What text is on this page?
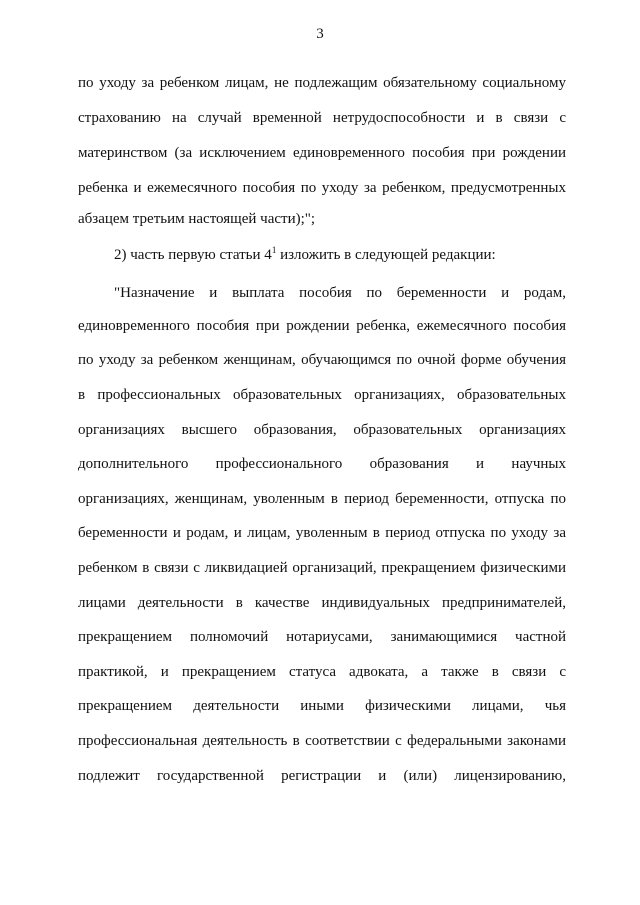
3
по уходу за ребенком лицам, не подлежащим обязательному социальному
страхованию на случай временной нетрудоспособности и в связи с
материнством (за исключением единовременного пособия при рождении
ребенка и ежемесячного пособия по уходу за ребенком, предусмотренных
абзацем третьим настоящей части);";
2) часть первую статьи $4^1$ изложить в следующей редакции:
"Назначение и выплата пособия по беременности и родам,
единовременного пособия при рождении ребенка, ежемесячного пособия
по уходу за ребенком женщинам, обучающимся по очной форме обучения
в профессиональных образовательных организациях, образовательных
организациях высшего образования, образовательных организациях
дополнительного профессионального образования и научных
организациях, женщинам, уволенным в период беременности, отпуска по
беременности и родам, и лицам, уволенным в период отпуска по уходу за
ребенком в связи с ликвидацией организаций, прекращением физическими
лицами деятельности в качестве индивидуальных предпринимателей,
прекращением полномочий нотариусами, занимающимися частной
практикой, и прекращением статуса адвоката, а также в связи с
прекращением деятельности иными физическими лицами, чья
профессиональная деятельность в соответствии с федеральными законами
подлежит государственной регистрации и (или) лицензированию,
